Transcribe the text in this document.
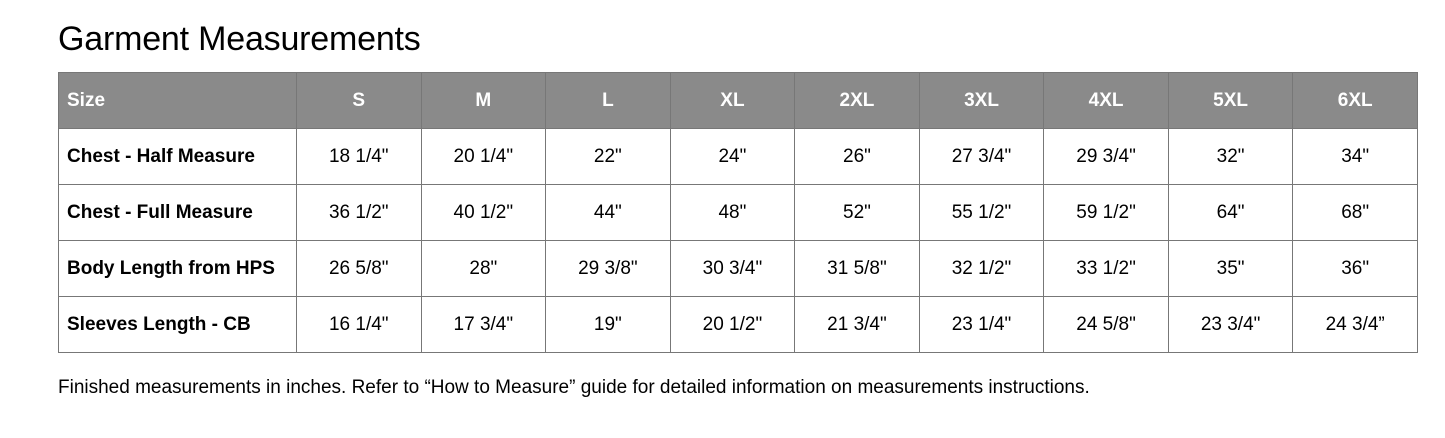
Garment Measurements
Size	S	M	L	XL	2XL	3XL	4XL	5XL	6XL
Chest - Half Measure	18 1/4"	20 1/4"	22"	24"	26"	27 3/4"	29 3/4"	32"	34"
Chest - Full Measure	36 1/2"	40 1/2"	44"	48"	52"	55 1/2"	59 1/2"	64"	68"
Body Length from HPS	26 5/8"	28"	29 3/8"	30 3/4"	31 5/8"	32 1/2"	33 1/2"	35"	36"
Sleeves Length - CB	16 1/4"	17 3/4"	19"	20 1/2"	21 3/4"	23 1/4"	24 5/8"	23 3/4"	24 3/4”

Finished measurements in inches. Refer to “How to Measure” guide for detailed information on measurements instructions.
